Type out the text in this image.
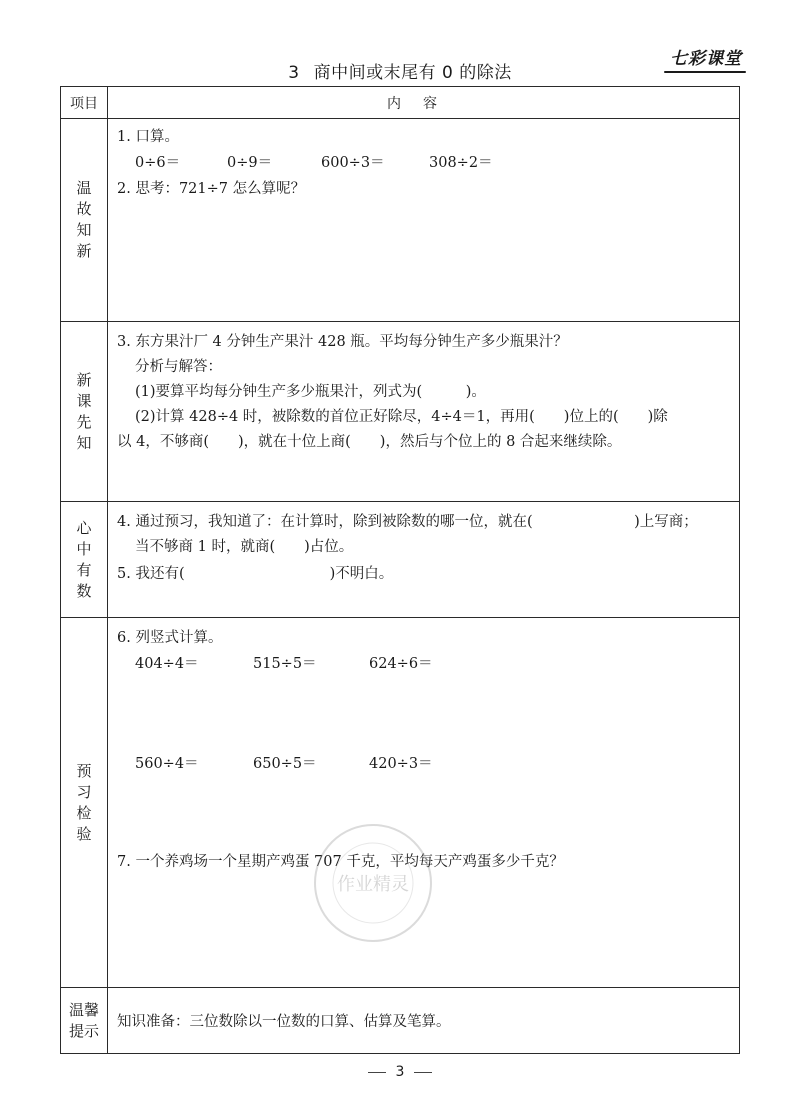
3 商中间或末尾有 0 的除法
七彩课堂
项目	内容
温故知新
1. 口算。
0÷6＝	0÷9＝	600÷3＝	308÷2＝
2. 思考：721÷7 怎么算呢？
新课先知
3. 东方果汁厂 4 分钟生产果汁 428 瓶。平均每分钟生产多少瓶果汁？
分析与解答：
(1)要算平均每分钟生产多少瓶果汁，列式为(　　　)。
(2)计算 428÷4 时，被除数的首位正好除尽，4÷4＝1，再用(　　)位上的(　　)除
以 4，不够商(　　)，就在十位上商(　　)，然后与个位上的 8 合起来继续除。
心中有数
4. 通过预习，我知道了：在计算时，除到被除数的哪一位，就在(　　　　　　　)上写商；
当不够商 1 时，就商(　　)占位。
5. 我还有(　　　　　　　　　　)不明白。
预习检验
6. 列竖式计算。
404÷4＝	515÷5＝	624÷6＝
560÷4＝	650÷5＝	420÷3＝
7. 一个养鸡场一个星期产鸡蛋 707 千克，平均每天产鸡蛋多少千克？
温馨提示 知识准备：三位数除以一位数的口算、估算及笔算。
作业精灵
3
